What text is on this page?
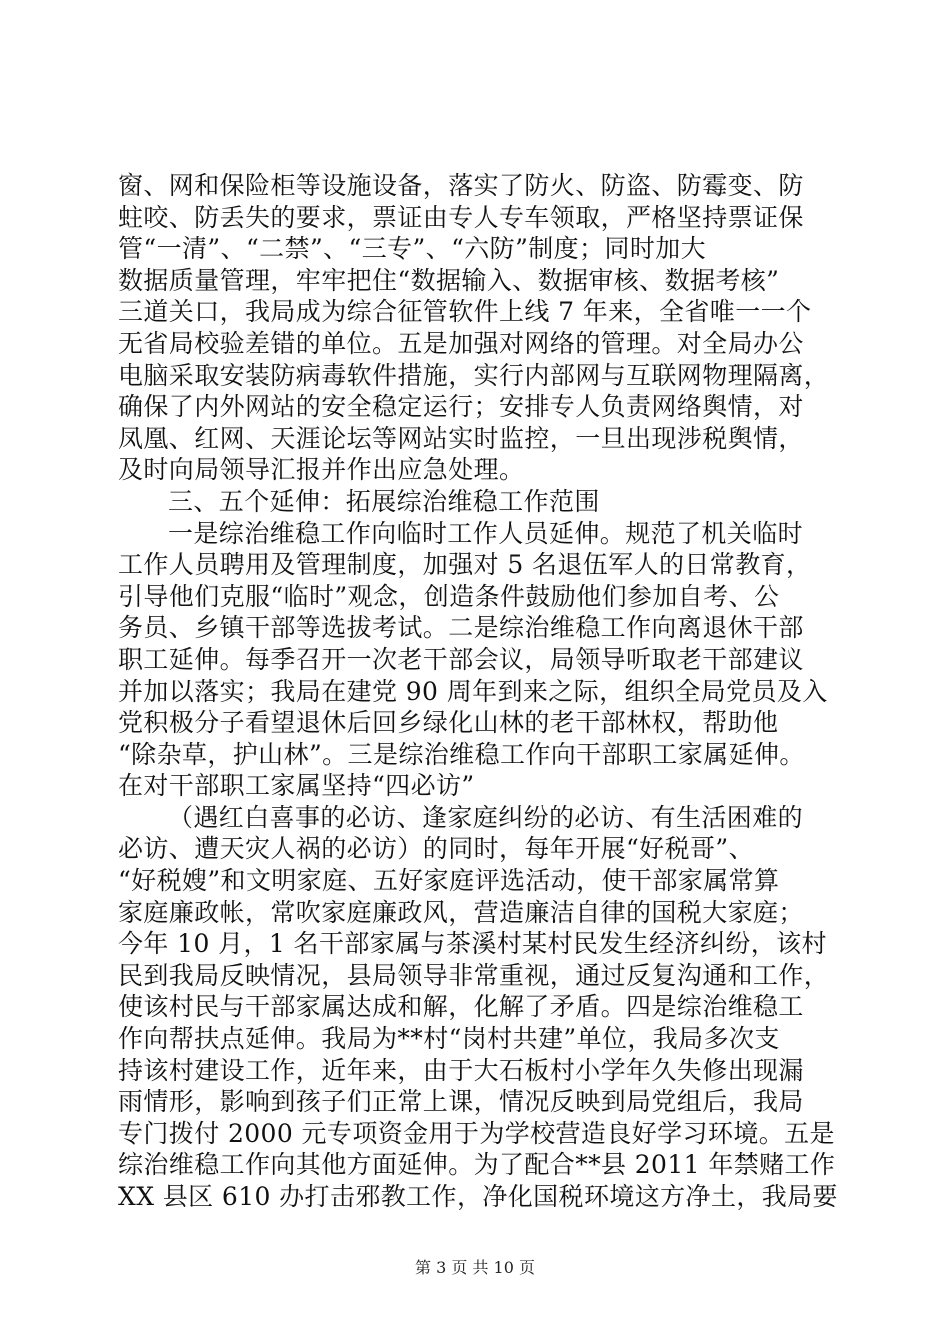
窗、网和保险柜等设施设备，落实了防火、防盗、防霉变、防
蛀咬、防丢失的要求，票证由专人专车领取，严格坚持票证保
管“一清”、“二禁”、“三专”、“六防”制度；同时加大
数据质量管理，牢牢把住“数据输入、数据审核、数据考核”
三道关口，我局成为综合征管软件上线 7 年来，全省唯一一个
无省局校验差错的单位。五是加强对网络的管理。对全局办公
电脑采取安装防病毒软件措施，实行内部网与互联网物理隔离，
确保了内外网站的安全稳定运行；安排专人负责网络舆情，对
凤凰、红网、天涯论坛等网站实时监控，一旦出现涉税舆情，
及时向局领导汇报并作出应急处理。
三、五个延伸：拓展综治维稳工作范围
一是综治维稳工作向临时工作人员延伸。规范了机关临时
工作人员聘用及管理制度，加强对 5 名退伍军人的日常教育，
引导他们克服“临时”观念，创造条件鼓励他们参加自考、公
务员、乡镇干部等选拔考试。二是综治维稳工作向离退休干部
职工延伸。每季召开一次老干部会议，局领导听取老干部建议
并加以落实；我局在建党 90 周年到来之际，组织全局党员及入
党积极分子看望退休后回乡绿化山林的老干部林权，帮助他
“除杂草，护山林”。三是综治维稳工作向干部职工家属延伸。
在对干部职工家属坚持“四必访”
（遇红白喜事的必访、逢家庭纠纷的必访、有生活困难的
必访、遭天灾人祸的必访）的同时，每年开展“好税哥”、
“好税嫂”和文明家庭、五好家庭评选活动，使干部家属常算
家庭廉政帐，常吹家庭廉政风，营造廉洁自律的国税大家庭；
今年 10 月，1 名干部家属与茶溪村某村民发生经济纠纷，该村
民到我局反映情况，县局领导非常重视，通过反复沟通和工作，
使该村民与干部家属达成和解，化解了矛盾。四是综治维稳工
作向帮扶点延伸。我局为**村“岗村共建”单位，我局多次支
持该村建设工作，近年来，由于大石板村小学年久失修出现漏
雨情形，影响到孩子们正常上课，情况反映到局党组后，我局
专门拨付 2000 元专项资金用于为学校营造良好学习环境。五是
综治维稳工作向其他方面延伸。为了配合**县 2011 年禁赌工作
XX 县区 610 办打击邪教工作，净化国税环境这方净土，我局要
第 3 页 共 10 页
